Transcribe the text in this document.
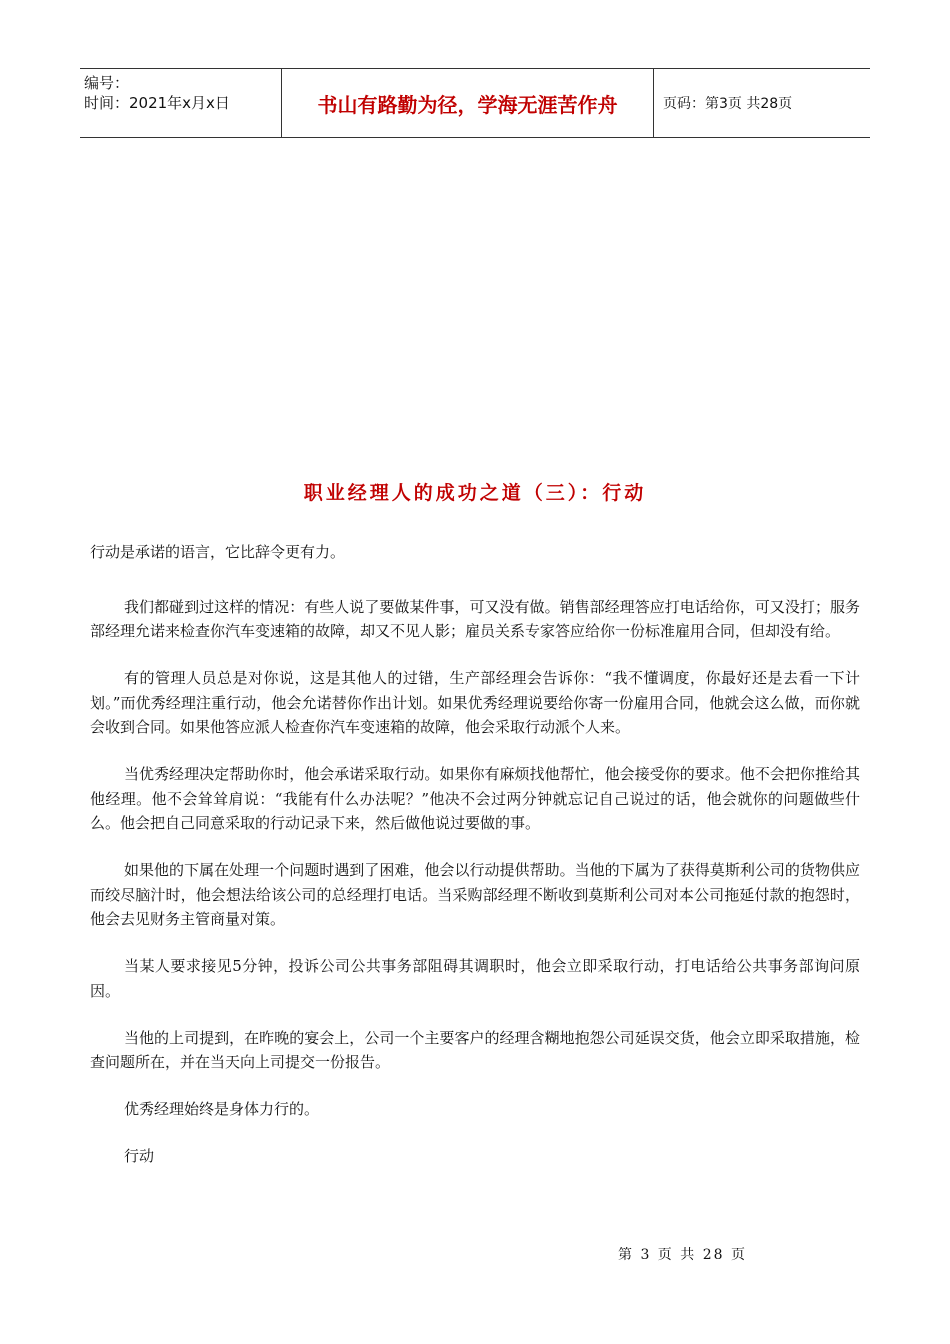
编号：
时间：2021年x月x日	书山有路勤为径，学海无涯苦作舟	页码：第3页 共28页
职业经理人的成功之道（三）：行动

行动是承诺的语言，它比辞令更有力。

我们都碰到过这样的情况：有些人说了要做某件事，可又没有做。销售部经理答应打电话给你，可又没打；服务部经理允诺来检查你汽车变速箱的故障，却又不见人影；雇员关系专家答应给你一份标准雇用合同，但却没有给。

有的管理人员总是对你说，这是其他人的过错，生产部经理会告诉你：“我不懂调度，你最好还是去看一下计划。”而优秀经理注重行动，他会允诺替你作出计划。如果优秀经理说要给你寄一份雇用合同，他就会这么做，而你就会收到合同。如果他答应派人检查你汽车变速箱的故障，他会采取行动派个人来。

当优秀经理决定帮助你时，他会承诺采取行动。如果你有麻烦找他帮忙，他会接受你的要求。他不会把你推给其他经理。他不会耸耸肩说：“我能有什么办法呢？”他决不会过两分钟就忘记自己说过的话，他会就你的问题做些什么。他会把自己同意采取的行动记录下来，然后做他说过要做的事。

如果他的下属在处理一个问题时遇到了困难，他会以行动提供帮助。当他的下属为了获得莫斯利公司的货物供应而绞尽脑汁时，他会想法给该公司的总经理打电话。当采购部经理不断收到莫斯利公司对本公司拖延付款的抱怨时，他会去见财务主管商量对策。

当某人要求接见5分钟，投诉公司公共事务部阻碍其调职时，他会立即采取行动，打电话给公共事务部询问原因。

当他的上司提到，在昨晚的宴会上，公司一个主要客户的经理含糊地抱怨公司延误交货，他会立即采取措施，检查问题所在，并在当天向上司提交一份报告。

优秀经理始终是身体力行的。

行动

第 3 页 共 28 页
